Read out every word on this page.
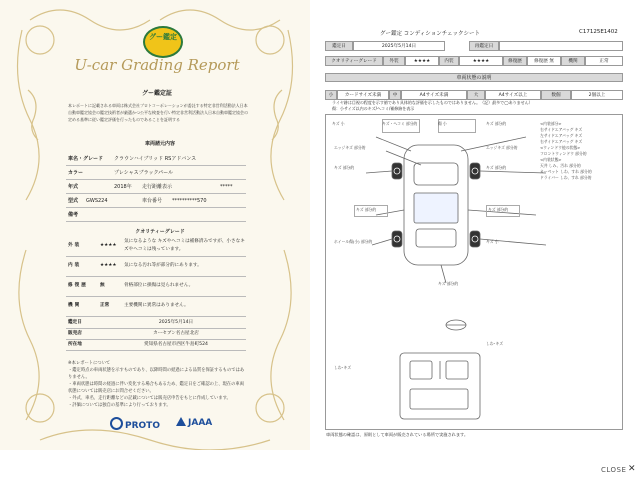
グー鑑定
U-car Grading Report
グー鑑定証
本レポートに記載される車両は株式会社プロトコーポレーションが委託する特定非営利活動法人日本自動車鑑定協会の鑑定技術者が厳選かつ公平な検査を行い特定非営利活動法人日本自動車鑑定協会の定める基準に従い鑑定評価を行ったものであることを証明する
車両諸元内容
車名・グレード クラウンハイブリッド RSアドバンス
カラー	プレシャスブラックパール
年式	2018年 走行距離表示	*****
型式 GWS224	車台番号 **********570
備考
クオリティーグレード
外装	★★★★
気になるような キズやヘコミは補修済みですが、小さなキズやヘコミは残っています。
内装	★★★★ 気になる汚れ等が部分的にあります。
修復歴	無	骨格部位に損傷は見られません。
機関	正常	主要機関に異常はありません。
鑑定日	2025年5月14日
販売店	カーセブン名古屋北店
所在地	愛知県名古屋市西区牛島町524
※本レポートについて
・鑑定時点の車両状態を示すものであり、以降時間の経過による品質を保証するものではありません。
・車両状態は時間の経過に伴い変化する場合もあるため、鑑定日をご確認の上、現在の車両状態については販売店にお問合せください。
・外式、車名、走行距離などの記載については販売店申告をもとに作成しています。
・評価については独自の基準により行っております。
PROTO	JAAA
グー鑑定 コンディションチェックシート	C17125E1402
鑑定日	2025年5月14日	再鑑定日
クオリティーグレード	外装	★★★★	内装	★★★★	修復歴	修復歴 無	機関	正常
車両状態の説明
小	カードサイズ未満	中	A4サイズ未満	大	A4サイズ以上	数個	2個以上
ライヤ跡は目視の程度を示す値であり具体的な評価を示したものではありません。（記）最多で◯ありません）
傷：小サイズ以内のキズ/ヘコミ/補修跡を表示
キズ 小	キズ・ヘコミ 部分的	傷 小	キズ 部分的
エッジキズ 部分的	エッジキズ 部分的
キズ 部分的	キズ 部分的
キズ 部分的	キズ 部分的
ホイール傷(小) 部分的	キズ 小
キズ 部分的
しわ･キズ
しわ･キズ
<内装部分>
右サイドエアバッグ キズ
左サイドエアバッグ キズ
右サイドエアバッグ キズ
<ウィンドウ他の状態>
フロントウィンドウ 部分的
<内装状態>
天井 しみ、汚れ 部分的
カーペット しわ、すれ 部分的
ドライバー しわ、すれ 部分的
車両状態の確認は、原則として車両が販売されている場所で実施されます。
CLOSE ✕
